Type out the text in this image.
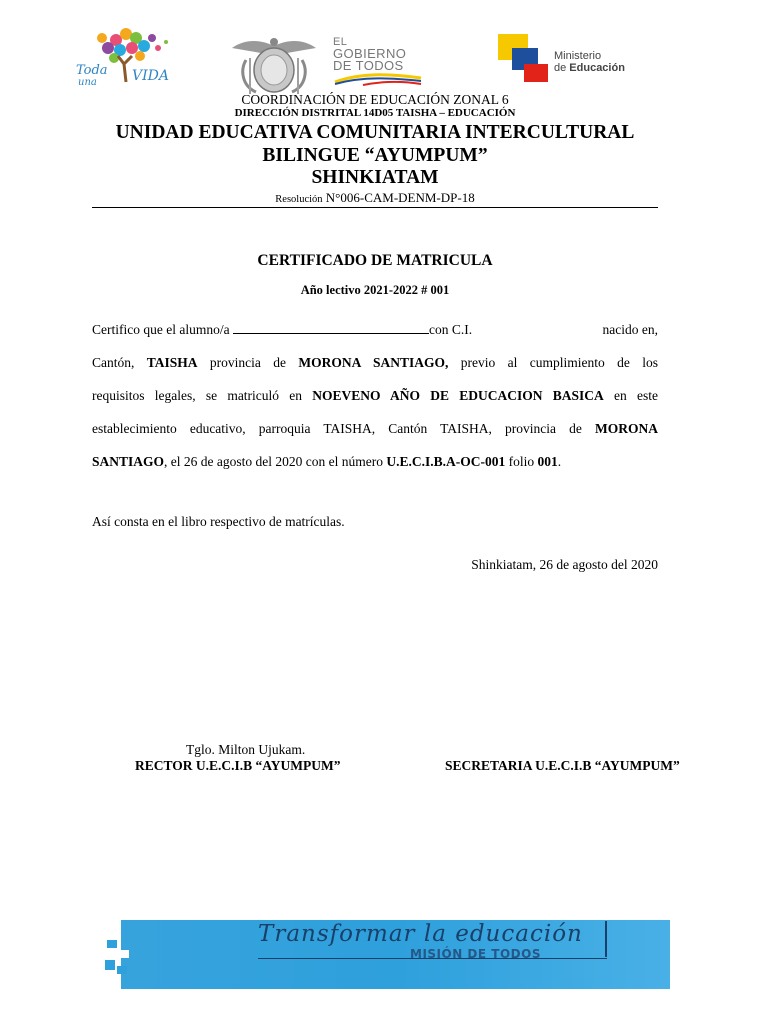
Toda
una	VIDA
EL
GOBIERNO
DE TODOS
Ministerio
de Educación
COORDINACIÓN DE EDUCACIÓN ZONAL 6
DIRECCIÓN DISTRITAL 14D05 TAISHA – EDUCACIÓN
UNIDAD EDUCATIVA COMUNITARIA INTERCULTURAL
BILINGUE “AYUMPUM”
SHINKIATAM
Resolución N°006-CAM-DENM-DP-18
CERTIFICADO DE MATRICULA
Año lectivo 2021-2022 # 001
Certifico que el alumno/a	con C.I.	nacido en,
Cantón, TAISHA provincia de MORONA SANTIAGO, previo al cumplimiento de los
requisitos legales, se matriculó en NOEVENO AÑO DE EDUCACION BASICA en este
establecimiento educativo, parroquia TAISHA, Cantón TAISHA, provincia de MORONA
SANTIAGO, el 26 de agosto del 2020 con el número U.E.C.I.B.A-OC-001 folio 001.
Así consta en el libro respectivo de matrículas.
Shinkiatam, 26 de agosto del 2020
Tglo. Milton Ujukam.
RECTOR U.E.C.I.B “AYUMPUM”	SECRETARIA U.E.C.I.B “AYUMPUM”
Transformar la educación
MISIÓN DE TODOS
